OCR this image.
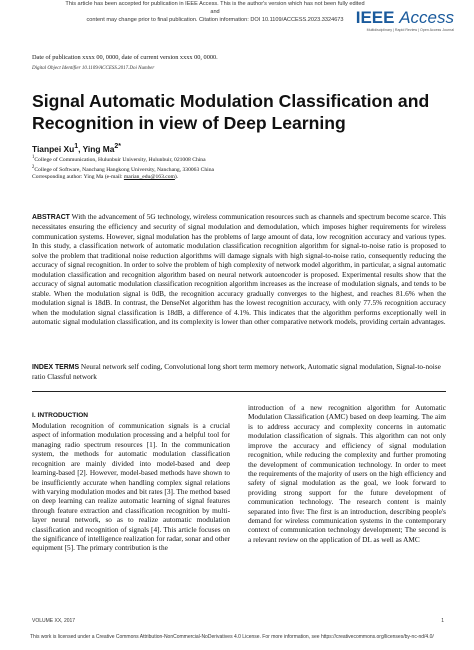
This article has been accepted for publication in IEEE Access. This is the author's version which has not been fully edited and
content may change prior to final publication. Citation information: DOI 10.1109/ACCESS.2023.3324673 IEEE Access
Multidisciplinary | Rapid Review | Open Access Journal
Date of publication xxxx 00, 0000, date of current version xxxx 00, 0000.
Digital Object Identifier 10.1109/ACCESS.2017.Doi Number
Signal Automatic Modulation Classification and Recognition in view of Deep Learning
Tianpei Xu$^1$, Ying $Ma^{2*}$
$^1$College of Communication, Hulunbuir University, Hulunbuir, 021008 China
$^2$College of Software, Nanchang Hangkong University, Nanchang, 330063 China
Corresponding author: Ying Ma (e-mail: marian_edu@163.com).

ABSTRACT With the advancement of 5G technology, wireless communication resources such as channels and spectrum become scarce. This necessitates ensuring the efficiency and security of signal modulation and demodulation, which imposes higher requirements for wireless communication systems. However, signal modulation has the problems of large amount of data, low recognition accuracy and various types. In this study, a classification network of automatic modulation classification recognition algorithm for signal-to-noise ratio is proposed to solve the problem that traditional noise reduction algorithms will damage signals with high signal-to-noise ratio, consequently reducing the accuracy of signal recognition. In order to solve the problem of high complexity of network model algorithm, in particular, a signal automatic modulation classification and recognition algorithm based on neural network autoencoder is proposed. Experimental results show that the accuracy of signal automatic modulation classification recognition algorithm increases as the increase of modulation signals, and tends to be stable. When the modulation signal is 0dB, the recognition accuracy gradually converges to the highest, and reaches 81.6% when the modulation signal is 18dB. In contrast, the DenseNet algorithm has the lowest recognition accuracy, with only 77.5% recognition accuracy when the modulation signal classification is 18dB, a difference of 4.1%. This indicates that the algorithm performs exceptionally well in automatic signal modulation classification, and its complexity is lower than other comparative network models, providing certain advantages.

INDEX TERMS Neural network self coding, Convolutional long short term memory network, Automatic signal modulation, Signal-to-noise ratio Classful network

I. INTRODUCTION

Modulation recognition of communication signals is a crucial aspect of information modulation processing and a helpful tool for managing radio spectrum resources [1]. In the communication system, the methods for automatic modulation classification recognition are mainly divided into model-based and deep learning-based [2]. However, model-based methods have shown to be insufficiently accurate when handling complex signal relations with varying modulation modes and bit rates [3]. The method based on deep learning can realize automatic learning of signal features through feature extraction and classification recognition by multi-layer neural network, so as to realize automatic modulation classification and recognition of signals [4]. This article focuses on the significance of intelligence realization for radar, sonar and other equipment [5]. The primary contribution is the

introduction of a new recognition algorithm for Automatic Modulation Classification (AMC) based on deep learning. The aim is to address accuracy and complexity concerns in automatic modulation classification of signals. This algorithm can not only improve the accuracy and efficiency of signal modulation recognition, while reducing the complexity and further promoting the development of communication technology. In order to meet the requirements of the majority of users on the high efficiency and safety of signal modulation as the goal, we look forward to providing strong support for the future development of communication technology. The research content is mainly separated into five: The first is an introduction, describing people's demand for wireless communication systems in the contemporary context of communication technology development; The second is a relevant review on the application of DL as well as AMC

VOLUME XX, 2017	1
This work is licensed under a Creative Commons Attribution-NonCommercial-NoDerivatives 4.0 License. For more information, see https://creativecommons.org/licenses/by-nc-nd/4.0/
